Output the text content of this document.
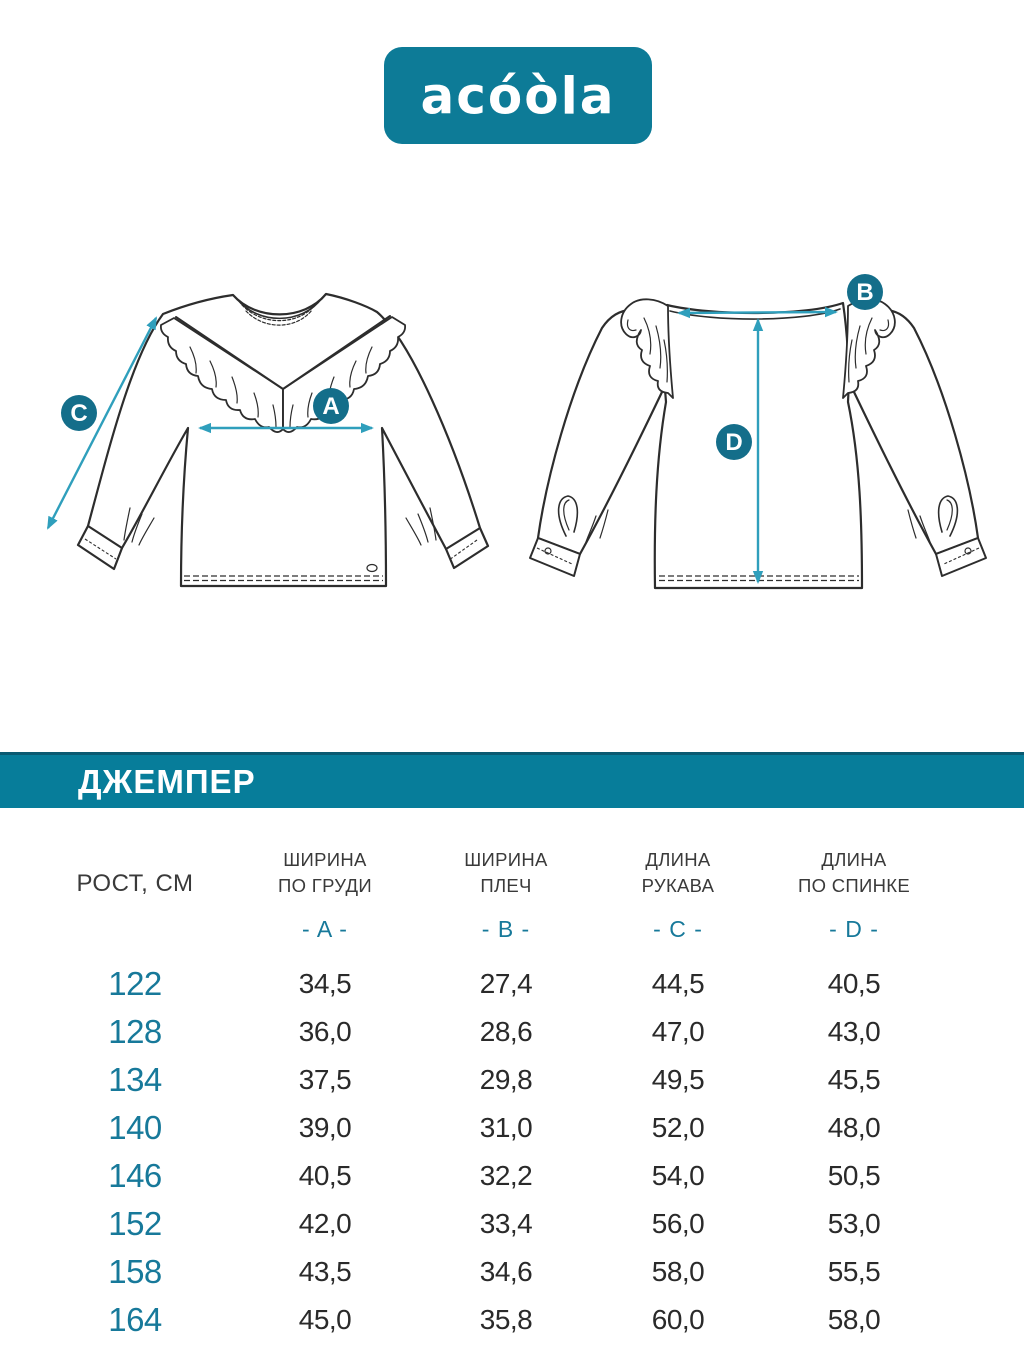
acóòla
A
C
B
D
ДЖЕМПЕР
РОСТ, СМ
ШИРИНА
ПО ГРУДИ
ШИРИНА
ПЛЕЧ
ДЛИНА
РУКАВА
ДЛИНА
ПО СПИНКЕ
- A -	- B -	- C -	- D -
122	34,5	27,4	44,5	40,5
128	36,0	28,6	47,0	43,0
134	37,5	29,8	49,5	45,5
140	39,0	31,0	52,0	48,0
146	40,5	32,2	54,0	50,5
152	42,0	33,4	56,0	53,0
158	43,5	34,6	58,0	55,5
164	45,0	35,8	60,0	58,0
